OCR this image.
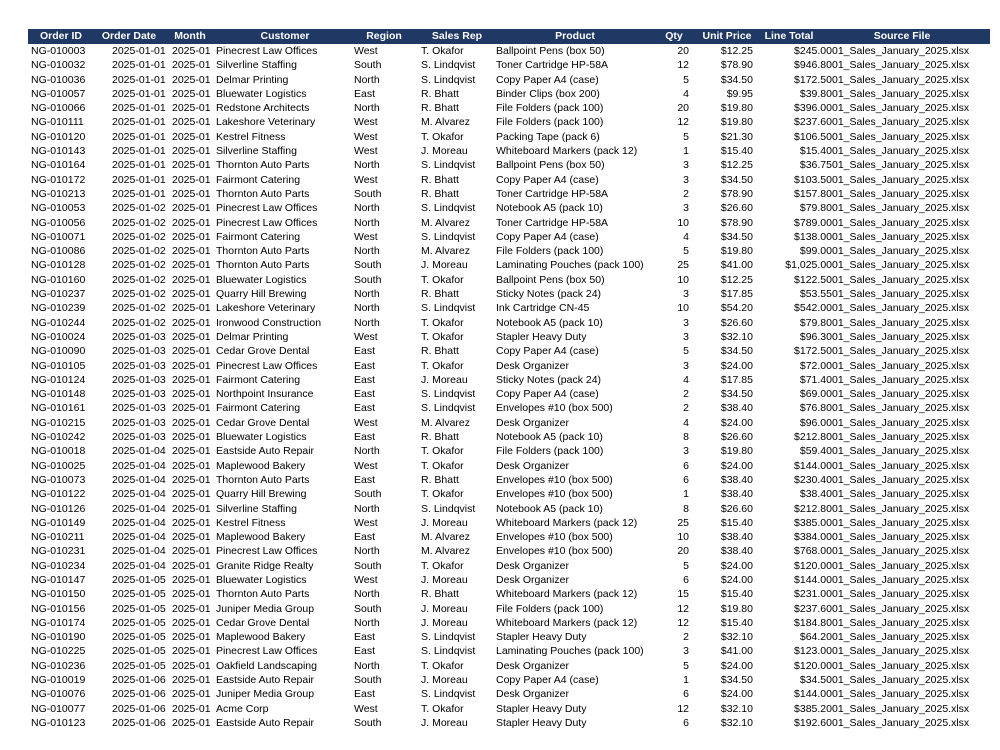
Order ID	Order Date	Month	Customer	Region	Sales Rep	Product	Qty	Unit Price	Line Total	Source File
NG-010003	2025-01-01 2025-01 Pinecrest Law Offices	West	T. Okafor	Ballpoint Pens (box 50)	20	$12.25	$245.00 01_Sales_January_2025.xlsx
NG-010032	2025-01-01 2025-01 Silverline Staffing	South	S. Lindqvist	Toner Cartridge HP-58A	12	$78.90	$946.80 01_Sales_January_2025.xlsx
NG-010036	2025-01-01 2025-01 Delmar Printing	North	S. Lindqvist	Copy Paper A4 (case)	5	$34.50	$172.50 01_Sales_January_2025.xlsx
NG-010057	2025-01-01 2025-01 Bluewater Logistics	East	R. Bhatt	Binder Clips (box 200)	4	$9.95	$39.80 01_Sales_January_2025.xlsx
NG-010066	2025-01-01 2025-01 Redstone Architects	North	R. Bhatt	File Folders (pack 100)	20	$19.80	$396.00 01_Sales_January_2025.xlsx
NG-010111	2025-01-01 2025-01 Lakeshore Veterinary	West	M. Alvarez	File Folders (pack 100)	12	$19.80	$237.60 01_Sales_January_2025.xlsx
NG-010120	2025-01-01 2025-01 Kestrel Fitness	West	T. Okafor	Packing Tape (pack 6)	5	$21.30	$106.50 01_Sales_January_2025.xlsx
NG-010143	2025-01-01 2025-01 Silverline Staffing	West	J. Moreau	Whiteboard Markers (pack 12)	1	$15.40	$15.40 01_Sales_January_2025.xlsx
NG-010164	2025-01-01 2025-01 Thornton Auto Parts	North	S. Lindqvist	Ballpoint Pens (box 50)	3	$12.25	$36.75 01_Sales_January_2025.xlsx
NG-010172	2025-01-01 2025-01 Fairmont Catering	West	R. Bhatt	Copy Paper A4 (case)	3	$34.50	$103.50 01_Sales_January_2025.xlsx
NG-010213	2025-01-01 2025-01 Thornton Auto Parts	South	R. Bhatt	Toner Cartridge HP-58A	2	$78.90	$157.80 01_Sales_January_2025.xlsx
NG-010053	2025-01-02 2025-01 Pinecrest Law Offices	North	S. Lindqvist	Notebook A5 (pack 10)	3	$26.60	$79.80 01_Sales_January_2025.xlsx
NG-010056	2025-01-02 2025-01 Pinecrest Law Offices	North	M. Alvarez	Toner Cartridge HP-58A	10	$78.90	$789.00 01_Sales_January_2025.xlsx
NG-010071	2025-01-02 2025-01 Fairmont Catering	West	S. Lindqvist	Copy Paper A4 (case)	4	$34.50	$138.00 01_Sales_January_2025.xlsx
NG-010086	2025-01-02 2025-01 Thornton Auto Parts	North	M. Alvarez	File Folders (pack 100)	5	$19.80	$99.00 01_Sales_January_2025.xlsx
NG-010128	2025-01-02 2025-01 Thornton Auto Parts	South	J. Moreau	Laminating Pouches (pack 100)	25	$41.00	$1,025.00 01_Sales_January_2025.xlsx
NG-010160	2025-01-02 2025-01 Bluewater Logistics	South	T. Okafor	Ballpoint Pens (box 50)	10	$12.25	$122.50 01_Sales_January_2025.xlsx
NG-010237	2025-01-02 2025-01 Quarry Hill Brewing	North	R. Bhatt	Sticky Notes (pack 24)	3	$17.85	$53.55 01_Sales_January_2025.xlsx
NG-010239	2025-01-02 2025-01 Lakeshore Veterinary	North	S. Lindqvist	Ink Cartridge CN-45	10	$54.20	$542.00 01_Sales_January_2025.xlsx
NG-010244	2025-01-02 2025-01 Ironwood Construction	North	T. Okafor	Notebook A5 (pack 10)	3	$26.60	$79.80 01_Sales_January_2025.xlsx
NG-010024	2025-01-03 2025-01 Delmar Printing	West	T. Okafor	Stapler Heavy Duty	3	$32.10	$96.30 01_Sales_January_2025.xlsx
NG-010090	2025-01-03 2025-01 Cedar Grove Dental	East	R. Bhatt	Copy Paper A4 (case)	5	$34.50	$172.50 01_Sales_January_2025.xlsx
NG-010105	2025-01-03 2025-01 Pinecrest Law Offices	East	T. Okafor	Desk Organizer	3	$24.00	$72.00 01_Sales_January_2025.xlsx
NG-010124	2025-01-03 2025-01 Fairmont Catering	East	J. Moreau	Sticky Notes (pack 24)	4	$17.85	$71.40 01_Sales_January_2025.xlsx
NG-010148	2025-01-03 2025-01 Northpoint Insurance	East	S. Lindqvist	Copy Paper A4 (case)	2	$34.50	$69.00 01_Sales_January_2025.xlsx
NG-010161	2025-01-03 2025-01 Fairmont Catering	East	S. Lindqvist	Envelopes #10 (box 500)	2	$38.40	$76.80 01_Sales_January_2025.xlsx
NG-010215	2025-01-03 2025-01 Cedar Grove Dental	West	M. Alvarez	Desk Organizer	4	$24.00	$96.00 01_Sales_January_2025.xlsx
NG-010242	2025-01-03 2025-01 Bluewater Logistics	East	R. Bhatt	Notebook A5 (pack 10)	8	$26.60	$212.80 01_Sales_January_2025.xlsx
NG-010018	2025-01-04 2025-01 Eastside Auto Repair	North	T. Okafor	File Folders (pack 100)	3	$19.80	$59.40 01_Sales_January_2025.xlsx
NG-010025	2025-01-04 2025-01 Maplewood Bakery	West	T. Okafor	Desk Organizer	6	$24.00	$144.00 01_Sales_January_2025.xlsx
NG-010073	2025-01-04 2025-01 Thornton Auto Parts	East	R. Bhatt	Envelopes #10 (box 500)	6	$38.40	$230.40 01_Sales_January_2025.xlsx
NG-010122	2025-01-04 2025-01 Quarry Hill Brewing	South	T. Okafor	Envelopes #10 (box 500)	1	$38.40	$38.40 01_Sales_January_2025.xlsx
NG-010126	2025-01-04 2025-01 Silverline Staffing	North	S. Lindqvist	Notebook A5 (pack 10)	8	$26.60	$212.80 01_Sales_January_2025.xlsx
NG-010149	2025-01-04 2025-01 Kestrel Fitness	West	J. Moreau	Whiteboard Markers (pack 12)	25	$15.40	$385.00 01_Sales_January_2025.xlsx
NG-010211	2025-01-04 2025-01 Maplewood Bakery	East	M. Alvarez	Envelopes #10 (box 500)	10	$38.40	$384.00 01_Sales_January_2025.xlsx
NG-010231	2025-01-04 2025-01 Pinecrest Law Offices	North	M. Alvarez	Envelopes #10 (box 500)	20	$38.40	$768.00 01_Sales_January_2025.xlsx
NG-010234	2025-01-04 2025-01 Granite Ridge Realty	South	T. Okafor	Desk Organizer	5	$24.00	$120.00 01_Sales_January_2025.xlsx
NG-010147	2025-01-05 2025-01 Bluewater Logistics	West	J. Moreau	Desk Organizer	6	$24.00	$144.00 01_Sales_January_2025.xlsx
NG-010150	2025-01-05 2025-01 Thornton Auto Parts	North	R. Bhatt	Whiteboard Markers (pack 12)	15	$15.40	$231.00 01_Sales_January_2025.xlsx
NG-010156	2025-01-05 2025-01 Juniper Media Group	South	J. Moreau	File Folders (pack 100)	12	$19.80	$237.60 01_Sales_January_2025.xlsx
NG-010174	2025-01-05 2025-01 Cedar Grove Dental	North	J. Moreau	Whiteboard Markers (pack 12)	12	$15.40	$184.80 01_Sales_January_2025.xlsx
NG-010190	2025-01-05 2025-01 Maplewood Bakery	East	S. Lindqvist	Stapler Heavy Duty	2	$32.10	$64.20 01_Sales_January_2025.xlsx
NG-010225	2025-01-05 2025-01 Pinecrest Law Offices	East	S. Lindqvist	Laminating Pouches (pack 100)	3	$41.00	$123.00 01_Sales_January_2025.xlsx
NG-010236	2025-01-05 2025-01 Oakfield Landscaping	North	T. Okafor	Desk Organizer	5	$24.00	$120.00 01_Sales_January_2025.xlsx
NG-010019	2025-01-06 2025-01 Eastside Auto Repair	South	J. Moreau	Copy Paper A4 (case)	1	$34.50	$34.50 01_Sales_January_2025.xlsx
NG-010076	2025-01-06 2025-01 Juniper Media Group	East	S. Lindqvist	Desk Organizer	6	$24.00	$144.00 01_Sales_January_2025.xlsx
NG-010077	2025-01-06 2025-01 Acme Corp	West	T. Okafor	Stapler Heavy Duty	12	$32.10	$385.20 01_Sales_January_2025.xlsx
NG-010123	2025-01-06 2025-01 Eastside Auto Repair	South	J. Moreau	Stapler Heavy Duty	6	$32.10	$192.60 01_Sales_January_2025.xlsx
